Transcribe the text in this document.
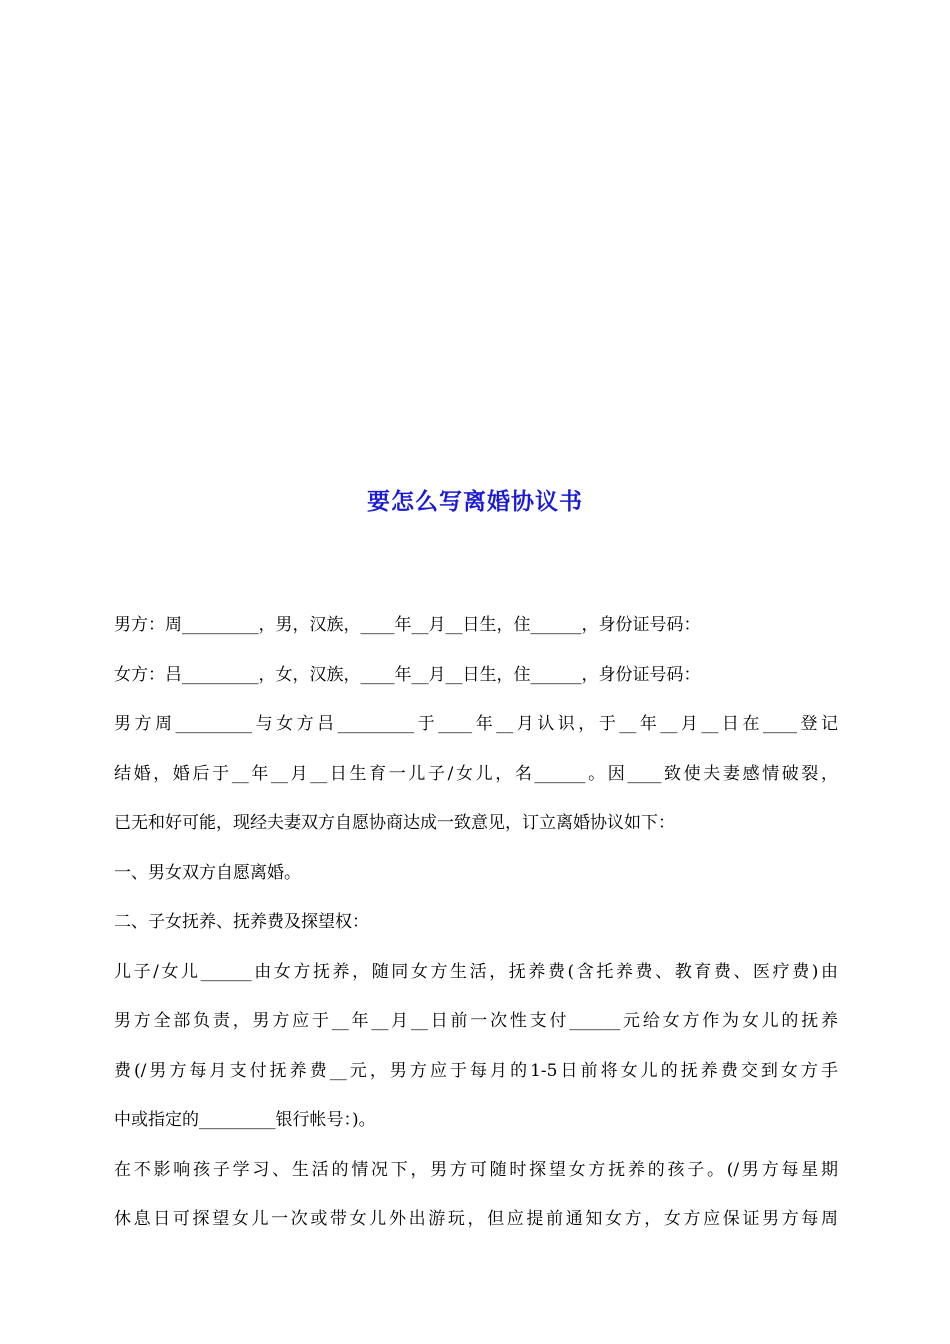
要怎么写离婚协议书
男方：周_________，男，汉族，____年__月__日生，住______，身份证号码：
女方：吕_________，女，汉族，____年__月__日生，住______，身份证号码：
男方周_________与女方吕_________于____年__月认识，于__年__月__日在____登记
结婚，婚后于__年__月__日生育一儿子/女儿，名______。因____致使夫妻感情破裂，
已无和好可能，现经夫妻双方自愿协商达成一致意见，订立离婚协议如下：
一、男女双方自愿离婚。
二、子女抚养、抚养费及探望权：
儿子/女儿______由女方抚养，随同女方生活，抚养费(含托养费、教育费、医疗费)由
男方全部负责，男方应于__年__月__日前一次性支付______元给女方作为女儿的抚养
费(/男方每月支付抚养费__元，男方应于每月的1-5日前将女儿的抚养费交到女方手
中或指定的_________银行帐号：)。
在不影响孩子学习、生活的情况下，男方可随时探望女方抚养的孩子。(/男方每星期
休息日可探望女儿一次或带女儿外出游玩，但应提前通知女方，女方应保证男方每周
